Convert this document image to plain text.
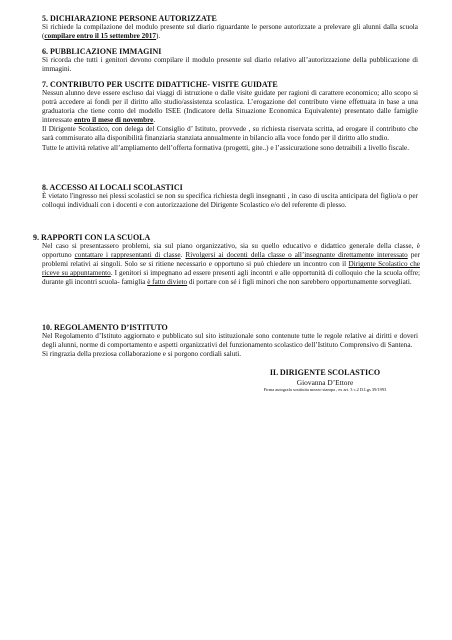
5. DICHIARAZIONE PERSONE AUTORIZZATE

Si richiede la compilazione del modulo presente sul diario riguardante le persone autorizzate a prelevare gli alunni dalla scuola (compilare entro il 15 settembre 2017).

6. PUBBLICAZIONE IMMAGINI

Si ricorda che tutti i genitori devono compilare il modulo presente sul diario relativo all’autorizzazione della pubblicazione di immagini.

7. CONTRIBUTO PER USCITE DIDATTICHE- VISITE GUIDATE

Nessun alunno deve essere escluso dai viaggi di istruzione o dalle visite guidate per ragioni di carattere economico; allo scopo si potrà accedere ai fondi per il diritto allo studio/assistenza scolastica. L’erogazione del contributo viene effettuata in base a una graduatoria che tiene conto del modello ISEE (Indicatore della Situazione Economica Equivalente) presentato dalle famiglie interessate entro il mese di novembre.

Il Dirigente Scolastico, con delega del Consiglio d’ Istituto, provvede , su richiesta riservata scritta, ad erogare il contributo che sarà commisurato alla disponibilità finanziaria stanziata annualmente in bilancio alla voce fondo per il diritto allo studio.

Tutte le attività relative all’ampliamento dell’offerta formativa (progetti, gite..) e l’assicurazione sono detraibili a livello fiscale.

8. ACCESSO AI LOCALI SCOLASTICI

È vietato l'ingresso nei plessi scolastici se non su specifica richiesta degli insegnanti , in caso di uscita anticipata del figlio/a o per colloqui individuali con i docenti e con autorizzazione del Dirigente Scolastico e/o del referente di plesso.

9. RAPPORTI CON LA SCUOLA

Nel caso si presentassero problemi, sia sul piano organizzativo, sia su quello educativo e didattico generale della classe, è opportuno contattare i rappresentanti di classe. Rivolgersi ai docenti della classe o all’insegnante direttamente interessato per problemi relativi ai singoli. Solo se si ritiene necessario e opportuno si può chiedere un incontro con il Dirigente Scolastico che riceve su appuntamento. I genitori si impegnano ad essere presenti agli incontri e alle opportunità di colloquio che la scuola offre; durante gli incontri scuola- famiglia è fatto divieto di portare con sé i figli minori che non sarebbero opportunamente sorvegliati.

10. REGOLAMENTO D’ISTITUTO

Nel Regolamento d’Istituto aggiornato e pubblicato sul sito istituzionale sono contenute tutte le regole relative ai diritti e doveri degli alunni, norme di comportamento e aspetti organizzativi del funzionamento scolastico dell’Istituto Comprensivo di Santena.

Si ringrazia della preziosa collaborazione e si porgono cordiali saluti.

IL DIRIGENTE SCOLASTICO
Giovanna D’Ettore
Firma autografa sostituita mezzo stampa , ex art. 3 c.2 D.Lgs 39/1993
